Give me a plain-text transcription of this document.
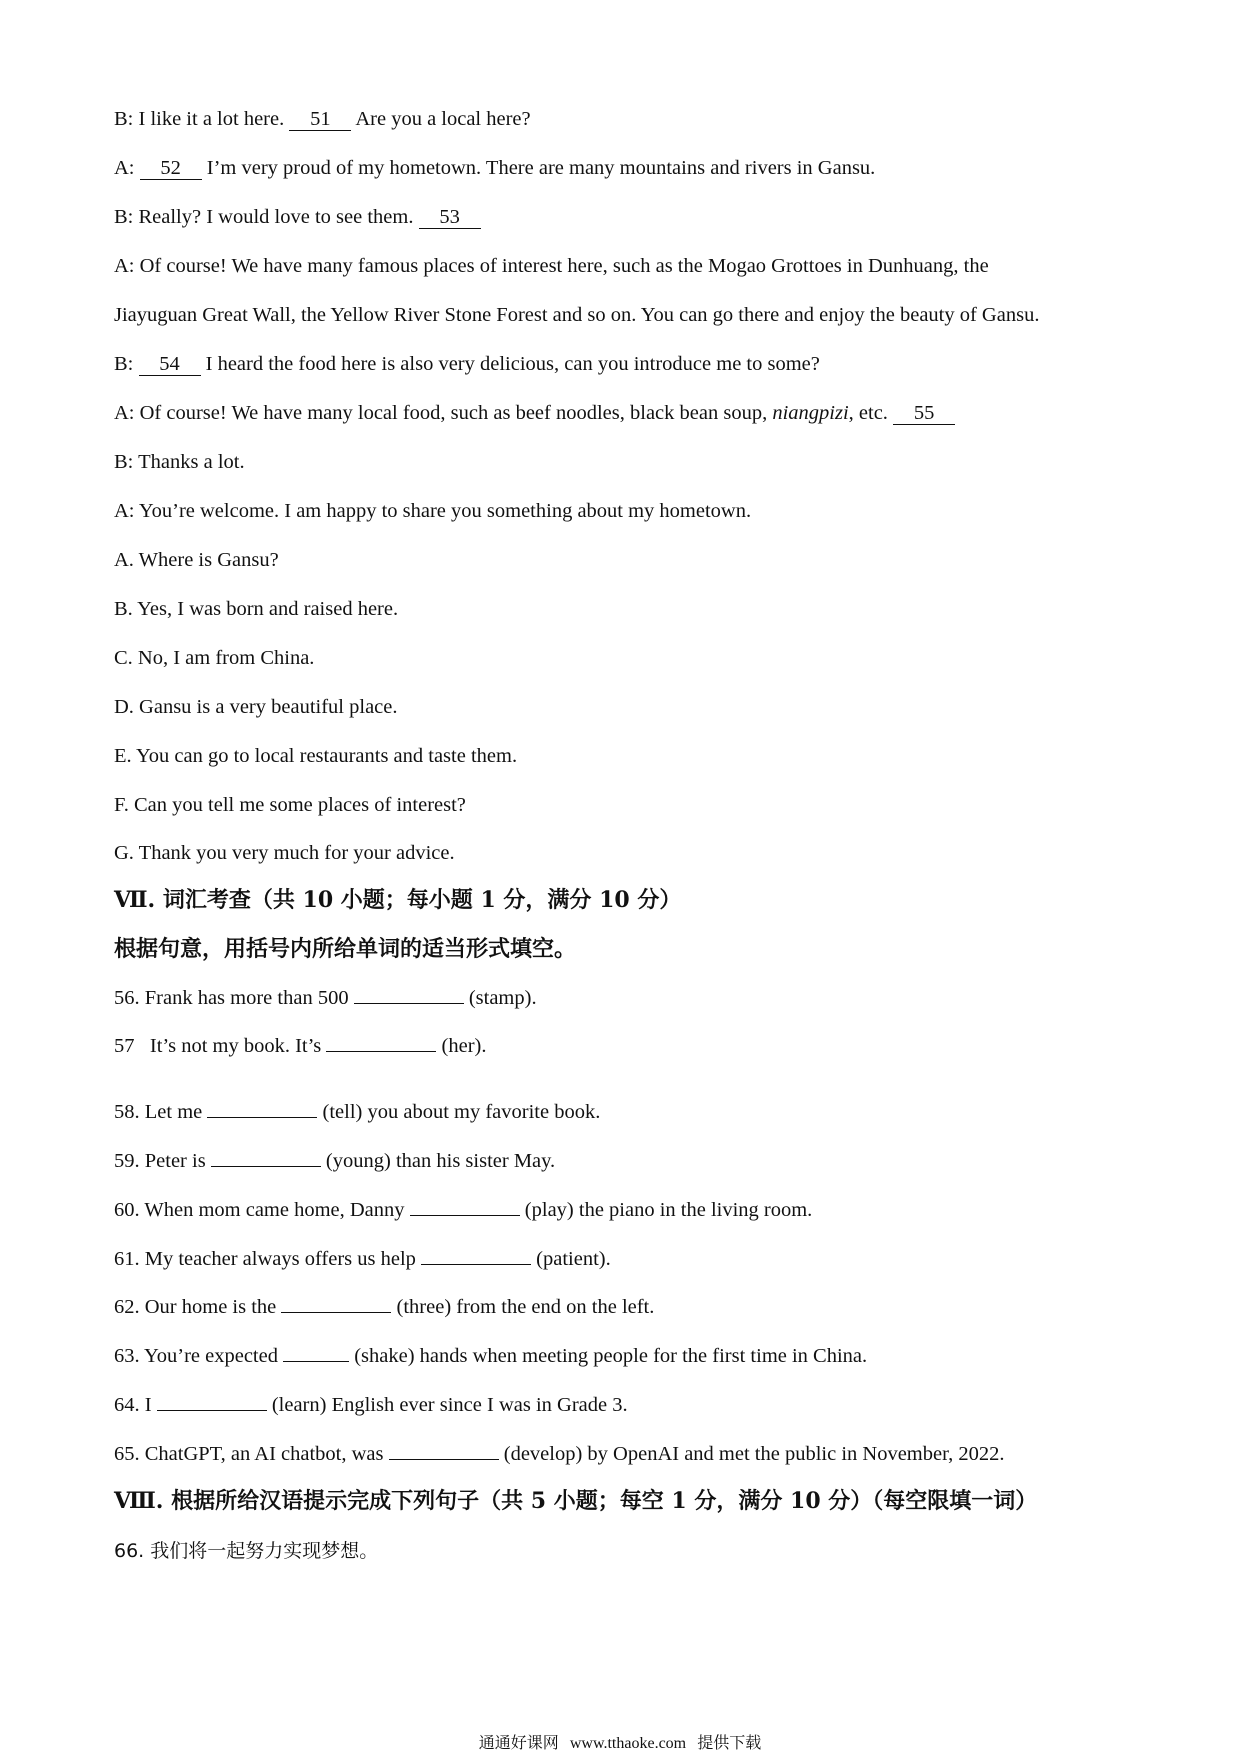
B: I like it a lot here. 51 Are you a local here?
A: 52 I’m very proud of my hometown. There are many mountains and rivers in Gansu.
B: Really? I would love to see them. 53
A: Of course! We have many famous places of interest here, such as the Mogao Grottoes in Dunhuang, the
Jiayuguan Great Wall, the Yellow River Stone Forest and so on. You can go there and enjoy the beauty of Gansu.
B: 54 I heard the food here is also very delicious, can you introduce me to some?
A: Of course! We have many local food, such as beef noodles, black bean soup, niangpizi, etc. 55
B: Thanks a lot.
A: You’re welcome. I am happy to share you something about my hometown.
A. Where is Gansu?
B. Yes, I was born and raised here.
C. No, I am from China.
D. Gansu is a very beautiful place.
E. You can go to local restaurants and taste them.
F. Can you tell me some places of interest?
G. Thank you very much for your advice.
Ⅶ. 词汇考查（共 10 小题；每小题 1 分，满分 10 分）
根据句意，用括号内所给单词的适当形式填空。
56. Frank has more than 500	(stamp).
57   It’s not my book. It’s	(her).
58. Let me	(tell) you about my favorite book.
59. Peter is	(young) than his sister May.
60. When mom came home, Danny	(play) the piano in the living room.
61. My teacher always offers us help	(patient).
62. Our home is the	(three) from the end on the left.
63. You’re expected	(shake) hands when meeting people for the first time in China.
64. I	(learn) English ever since I was in Grade 3.
65. ChatGPT, an AI chatbot, was	(develop) by OpenAI and met the public in November, 2022.
Ⅷ. 根据所给汉语提示完成下列句子（共 5 小题；每空 1 分，满分 10 分）（每空限填一词）
66. 我们将一起努力实现梦想。
通通好课网 www.tthaoke.com 提供下载
